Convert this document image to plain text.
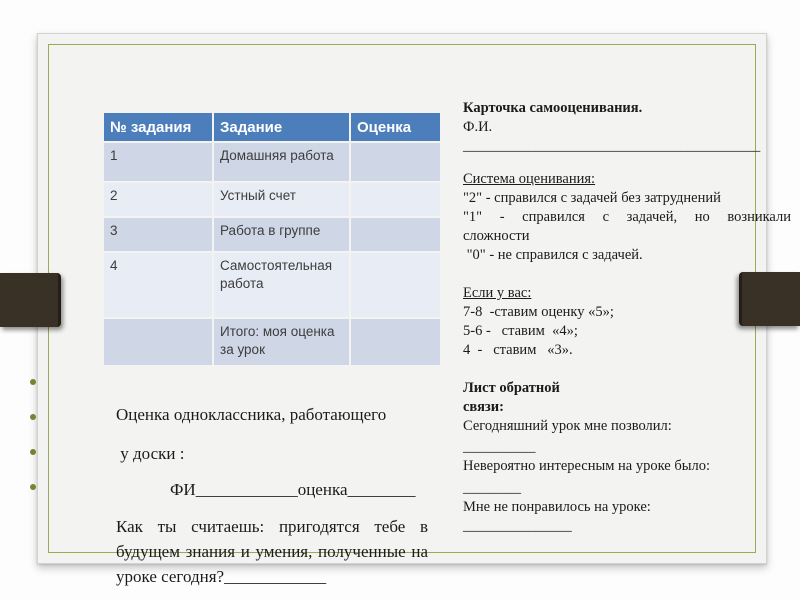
№ задания	Задание	Оценка
1	Домашняя работа	
2	Устный счет	
3	Работа в группе	
4	Самостоятельная работа	
	Итого: моя оценка за урок	
Карточка самооценивания.
Ф.И.
_________________________________________
Система оценивания:
"2" - справился с задачей без затруднений
"1" - справился с задачей, но возникали
сложности
"0" - не справился с задачей.
Если у вас:
7-8  -ставим оценку «5»;
5-6 -   ставим  «4»;
4  -   ставим   «3».
Лист обратной
связи:
Сегодняшний урок мне позволил:
__________
Невероятно интересным на уроке было:
________
Мне не понравилось на уроке:
_______________
Оценка одноклассника, работающего
у доски :
ФИ____________оценка________
Как ты считаешь: пригодятся тебе в будущем знания и умения, полученные на уроке сегодня?____________
